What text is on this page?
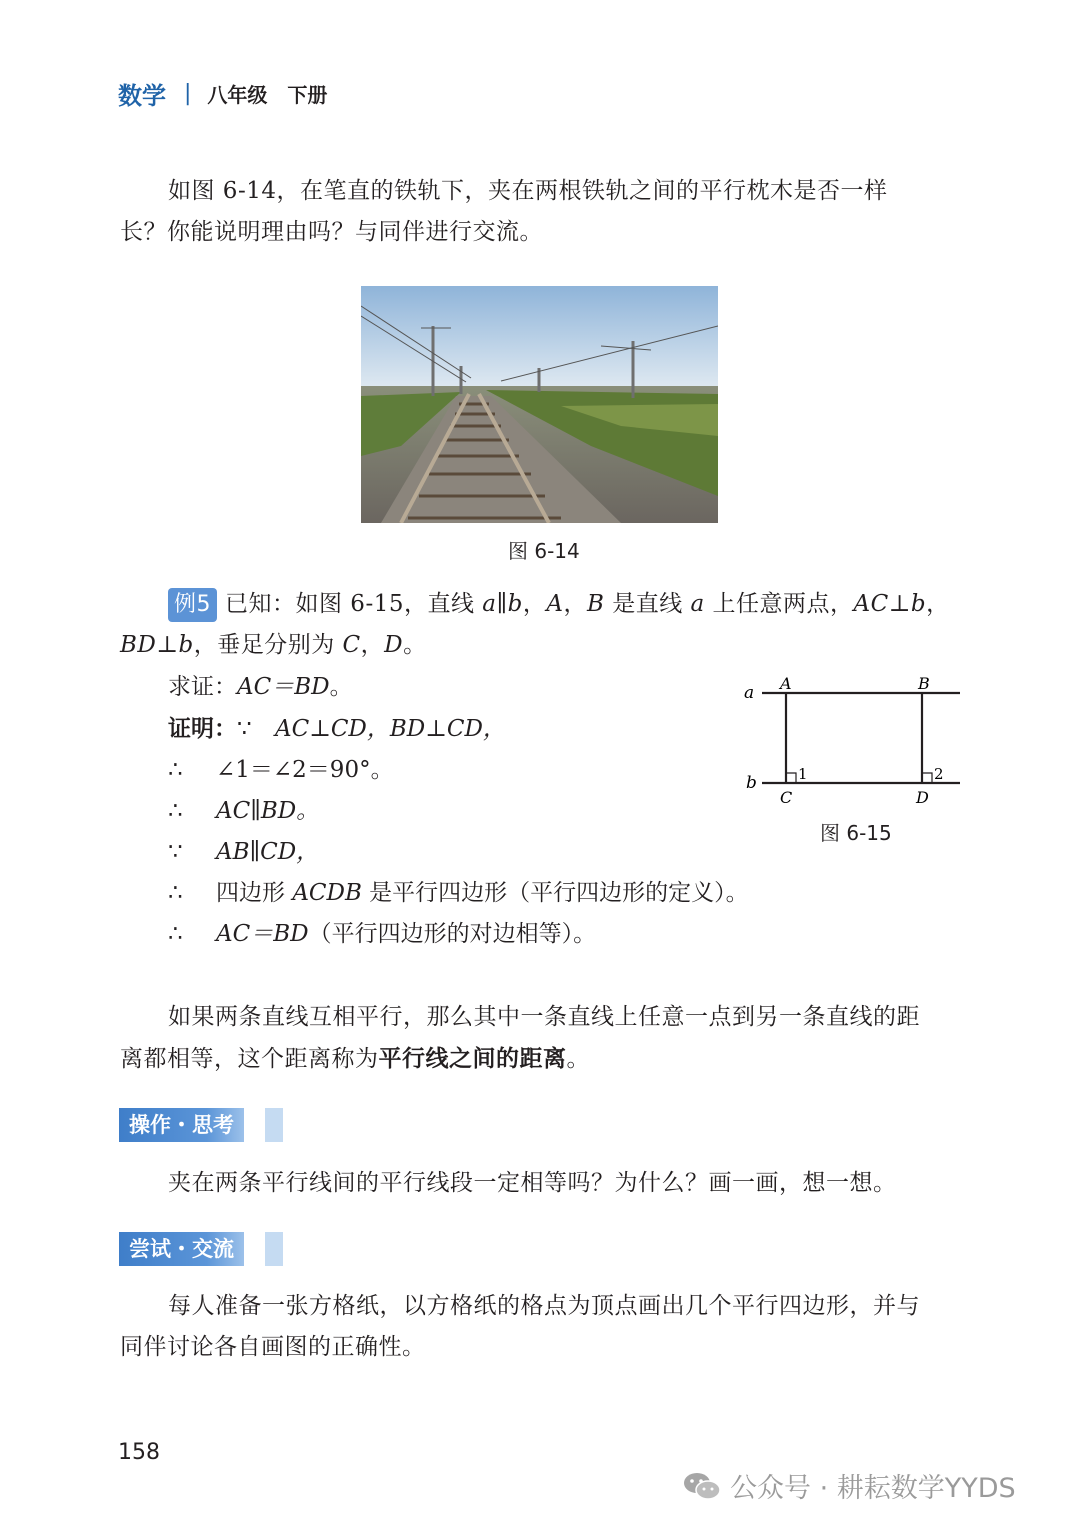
数学 | 八年级 下册
如图 6-14，在笔直的铁轨下，夹在两根铁轨之间的平行枕木是否一样
长？你能说明理由吗？与同伴进行交流。
图 6-14
例5 已知：如图 6-15，直线 a∥b，A，B 是直线 a 上任意两点，AC⊥b，
BD⊥b，垂足分别为 C，D。
求证：AC＝BD。
证明：∵ AC⊥CD，BD⊥CD，
∴ ∠1＝∠2＝90°。
∴ AC∥BD。
∵ AB∥CD，
∴ 四边形 ACDB 是平行四边形（平行四边形的定义）。
∴ AC＝BD（平行四边形的对边相等）。
a
b
A	B
C	D
1	2
图 6-15
如果两条直线互相平行，那么其中一条直线上任意一点到另一条直线的距
离都相等，这个距离称为平行线之间的距离。
操作・思考
夹在两条平行线间的平行线段一定相等吗？为什么？画一画，想一想。
尝试・交流
每人准备一张方格纸，以方格纸的格点为顶点画出几个平行四边形，并与
同伴讨论各自画图的正确性。
158
公众号 · 耕耘数学YYDS
